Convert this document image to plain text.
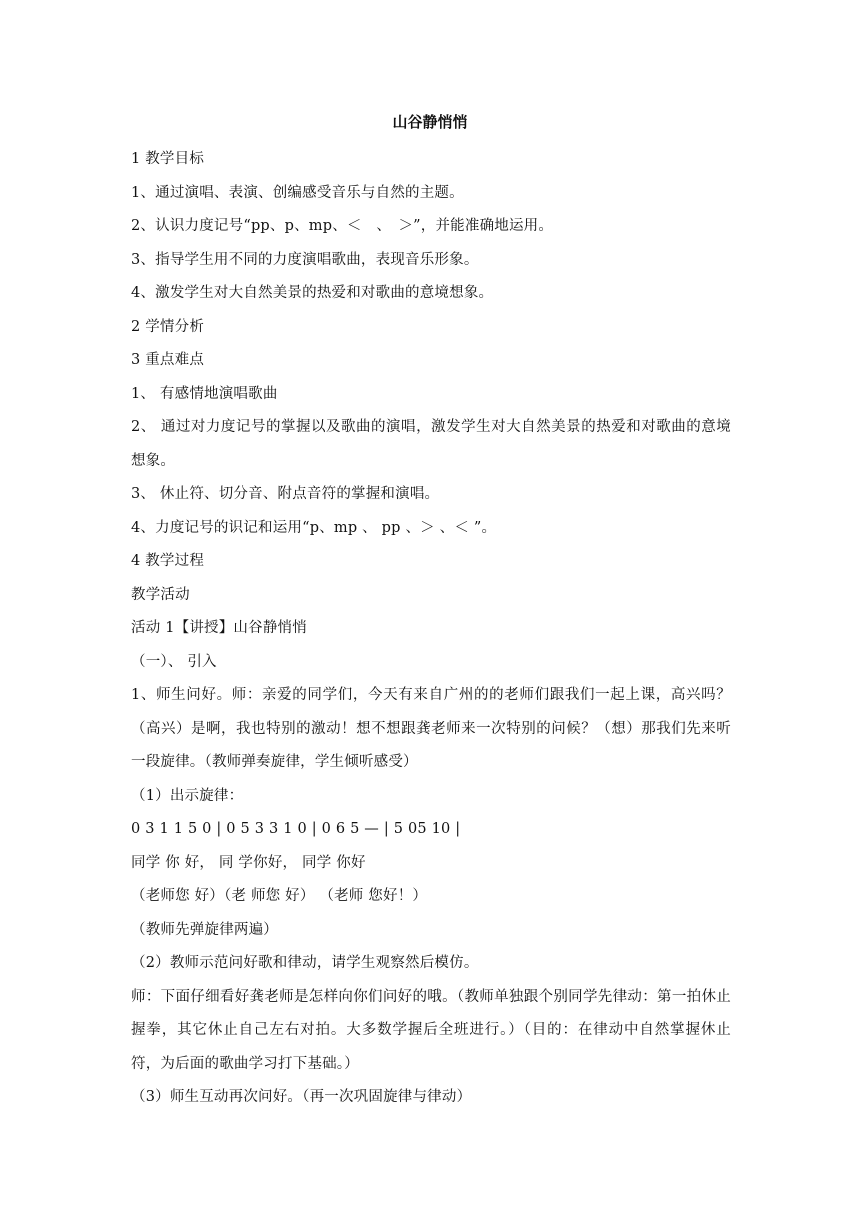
山谷静悄悄

1 教学目标

1、通过演唱、表演、创编感受音乐与自然的主题。

2、认识力度记号“pp、p、mp、＜　、　＞”，并能准确地运用。

3、指导学生用不同的力度演唱歌曲，表现音乐形象。

4、激发学生对大自然美景的热爱和对歌曲的意境想象。

2 学情分析

3 重点难点

1、 有感情地演唱歌曲

2、 通过对力度记号的掌握以及歌曲的演唱，激发学生对大自然美景的热爱和对歌曲的意境想象。

3、 休止符、切分音、附点音符的掌握和演唱。

4、力度记号的识记和运用“p、mp 、 pp 、＞ 、＜ ”。

4 教学过程

教学活动

活动 1【讲授】山谷静悄悄

（一）、 引入

1、师生问好。师：亲爱的同学们，今天有来自广州的的老师们跟我们一起上课，高兴吗？（高兴）是啊，我也特别的激动！想不想跟龚老师来一次特别的问候？（想）那我们先来听一段旋律。（教师弹奏旋律，学生倾听感受）

（1）出示旋律：

0 3 1 1 5 0 | 0 5 3 3 1 0 | 0 6 5 — | 5 05 10 |

同学 你 好， 同 学你好， 同学 你好

（老师您 好）（老 师您 好） （老师 您好！）

（教师先弹旋律两遍）

（2）教师示范问好歌和律动，请学生观察然后模仿。

师：下面仔细看好龚老师是怎样向你们问好的哦。（教师单独跟个别同学先律动：第一拍休止握拳，其它休止自己左右对拍。大多数学握后全班进行。）（目的：在律动中自然掌握休止符，为后面的歌曲学习打下基础。）

（3）师生互动再次问好。（再一次巩固旋律与律动）
